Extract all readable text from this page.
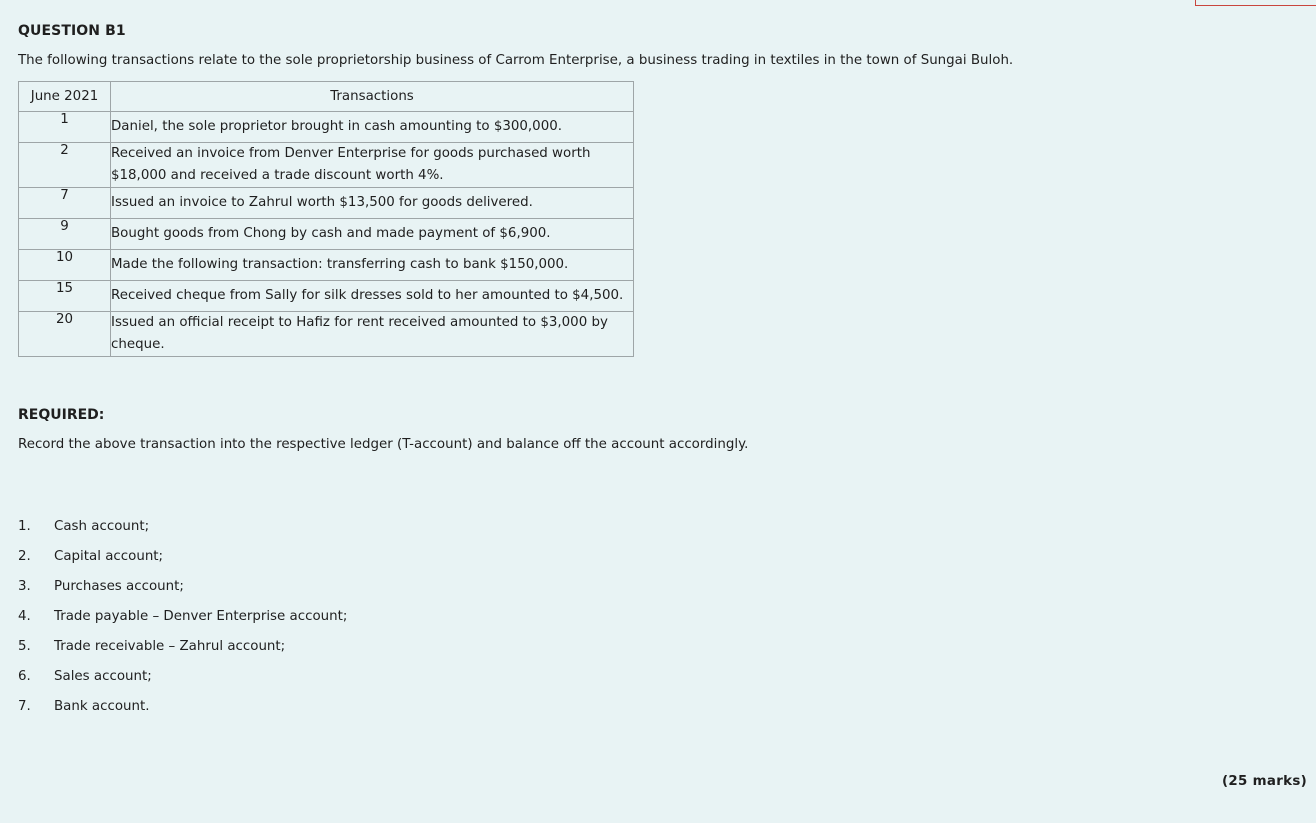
QUESTION B1
The following transactions relate to the sole proprietorship business of Carrom Enterprise, a business trading in textiles in the town of Sungai Buloh.
June 2021	Transactions
1	Daniel, the sole proprietor brought in cash amounting to $300,000.

2	Received an invoice from Denver Enterprise for goods purchased worth
$18,000 and received a trade discount worth 4%.

7	Issued an invoice to Zahrul worth $13,500 for goods delivered.

9	Bought goods from Chong by cash and made payment of $6,900.

10	Made the following transaction: transferring cash to bank $150,000.

15	Received cheque from Sally for silk dresses sold to her amounted to $4,500.

20	Issued an official receipt to Hafiz for rent received amounted to $3,000 by
cheque.
REQUIRED:
Record the above transaction into the respective ledger (T-account) and balance off the account accordingly.
1.	Cash account;
2.	Capital account;
3.	Purchases account;
4.	Trade payable – Denver Enterprise account;
5.	Trade receivable – Zahrul account;
6.	Sales account;
7.	Bank account.
(25 marks)
